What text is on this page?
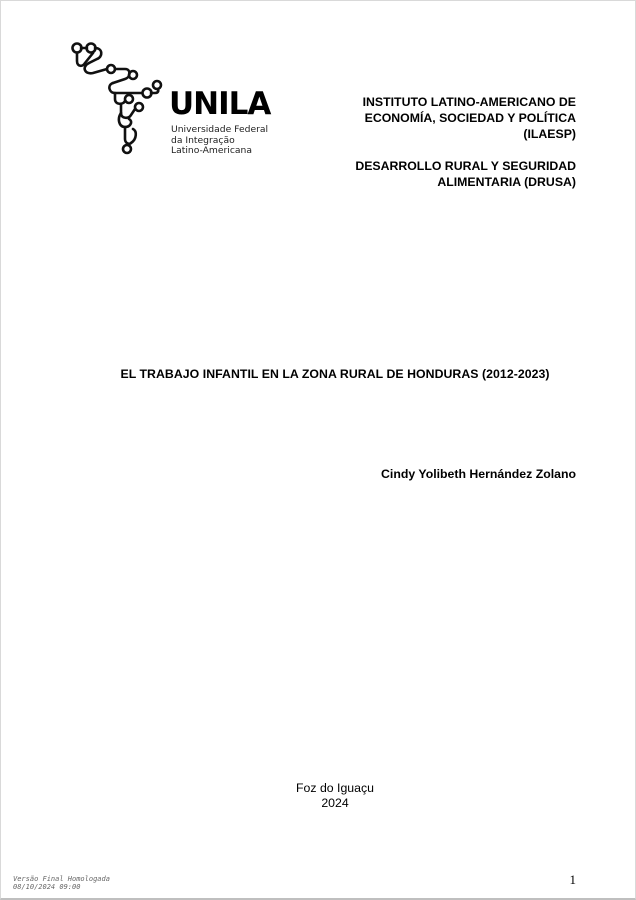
UNILA
Universidade Federal
da Integração
Latino-Americana

INSTITUTO LATINO-AMERICANO DE

ECONOMÍA, SOCIEDAD Y POLÍTICA

(ILAESP)

DESARROLLO RURAL Y SEGURIDAD

ALIMENTARIA (DRUSA)

EL TRABAJO INFANTIL EN LA ZONA RURAL DE HONDURAS (2012-2023)
Cindy Yolibeth Hernández Zolano
Foz do Iguaçu
2024
Versão Final Homologada
08/10/2024 09:00	1
